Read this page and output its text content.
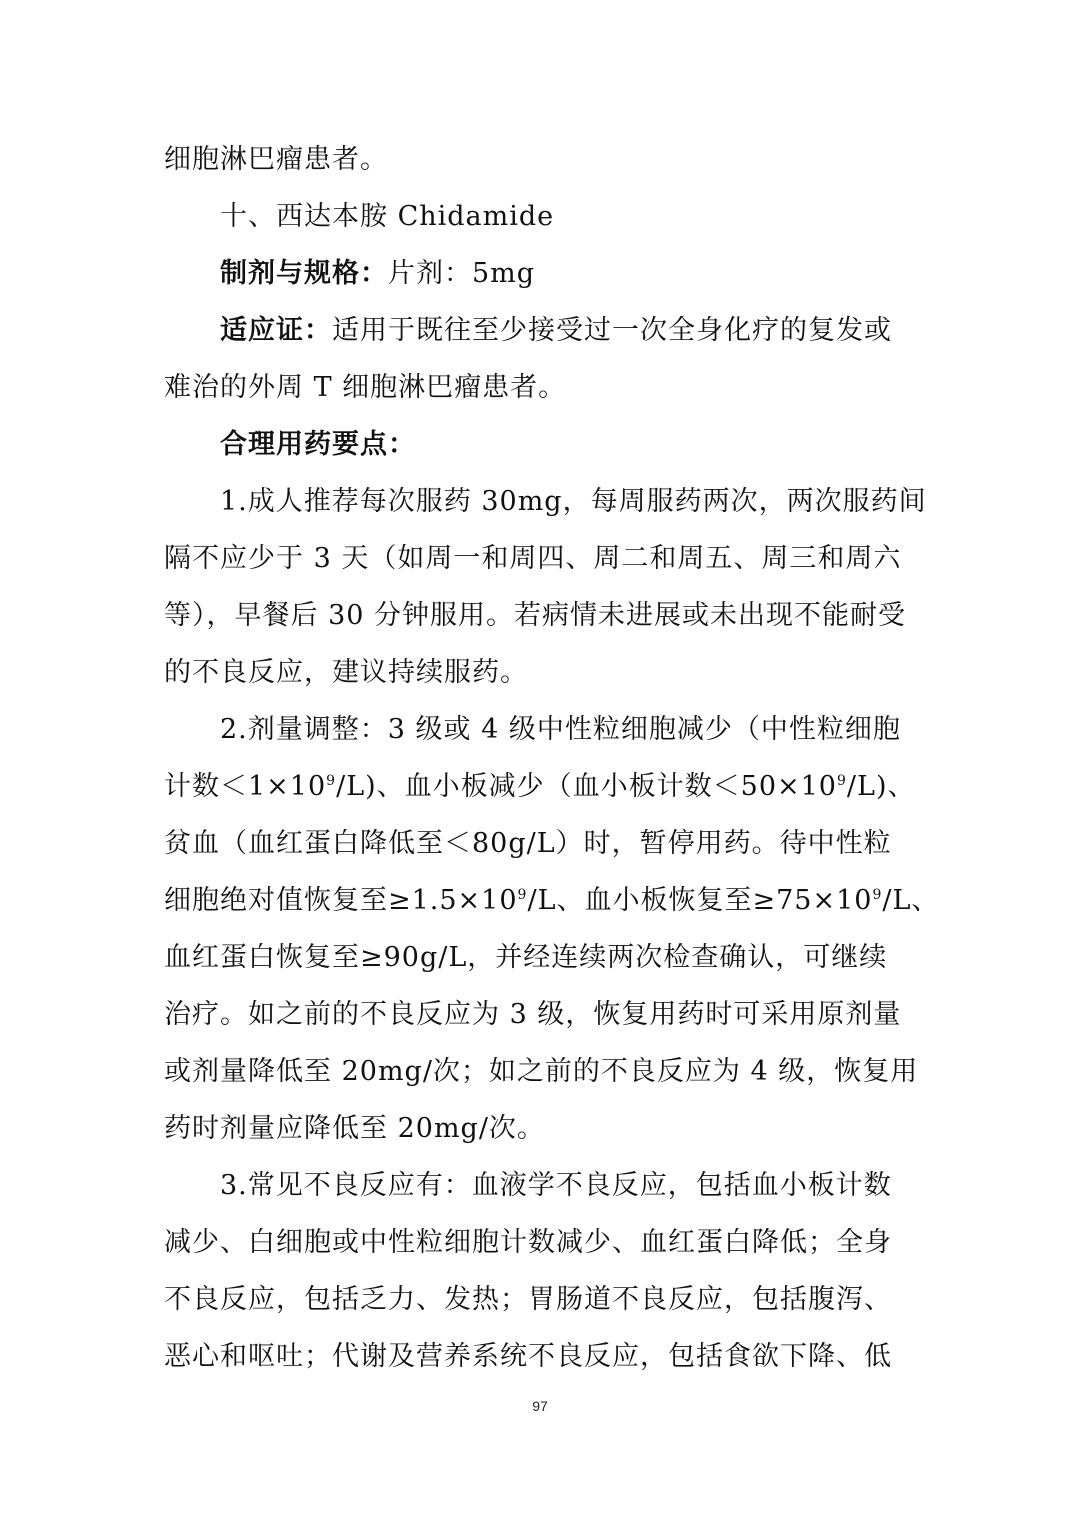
细胞淋巴瘤患者。
十、西达本胺 Chidamide
制剂与规格：片剂：5mg
适应证：适用于既往至少接受过一次全身化疗的复发或
难治的外周 T 细胞淋巴瘤患者。
合理用药要点：
1.成人推荐每次服药 30mg，每周服药两次，两次服药间
隔不应少于 3 天（如周一和周四、周二和周五、周三和周六
等），早餐后 30 分钟服用。若病情未进展或未出现不能耐受
的不良反应，建议持续服药。
2.剂量调整：3 级或 4 级中性粒细胞减少（中性粒细胞
计数$<1\times 10^9/L$)、血小板减少（血小板计数$<50\times 10^9/L$)、
贫血（血红蛋白降低至＜80g/L）时，暂停用药。待中性粒
细胞绝对值恢复至$\ge 1.5\times 10^9/L$、血小板恢复至$\ge 75\times 10^9/L$、
血红蛋白恢复至≥90g/L，并经连续两次检查确认，可继续
治疗。如之前的不良反应为 3 级，恢复用药时可采用原剂量
或剂量降低至 20mg/次；如之前的不良反应为 4 级，恢复用
药时剂量应降低至 20mg/次。
3.常见不良反应有：血液学不良反应，包括血小板计数
减少、白细胞或中性粒细胞计数减少、血红蛋白降低；全身
不良反应，包括乏力、发热；胃肠道不良反应，包括腹泻、
恶心和呕吐；代谢及营养系统不良反应，包括食欲下降、低
97
